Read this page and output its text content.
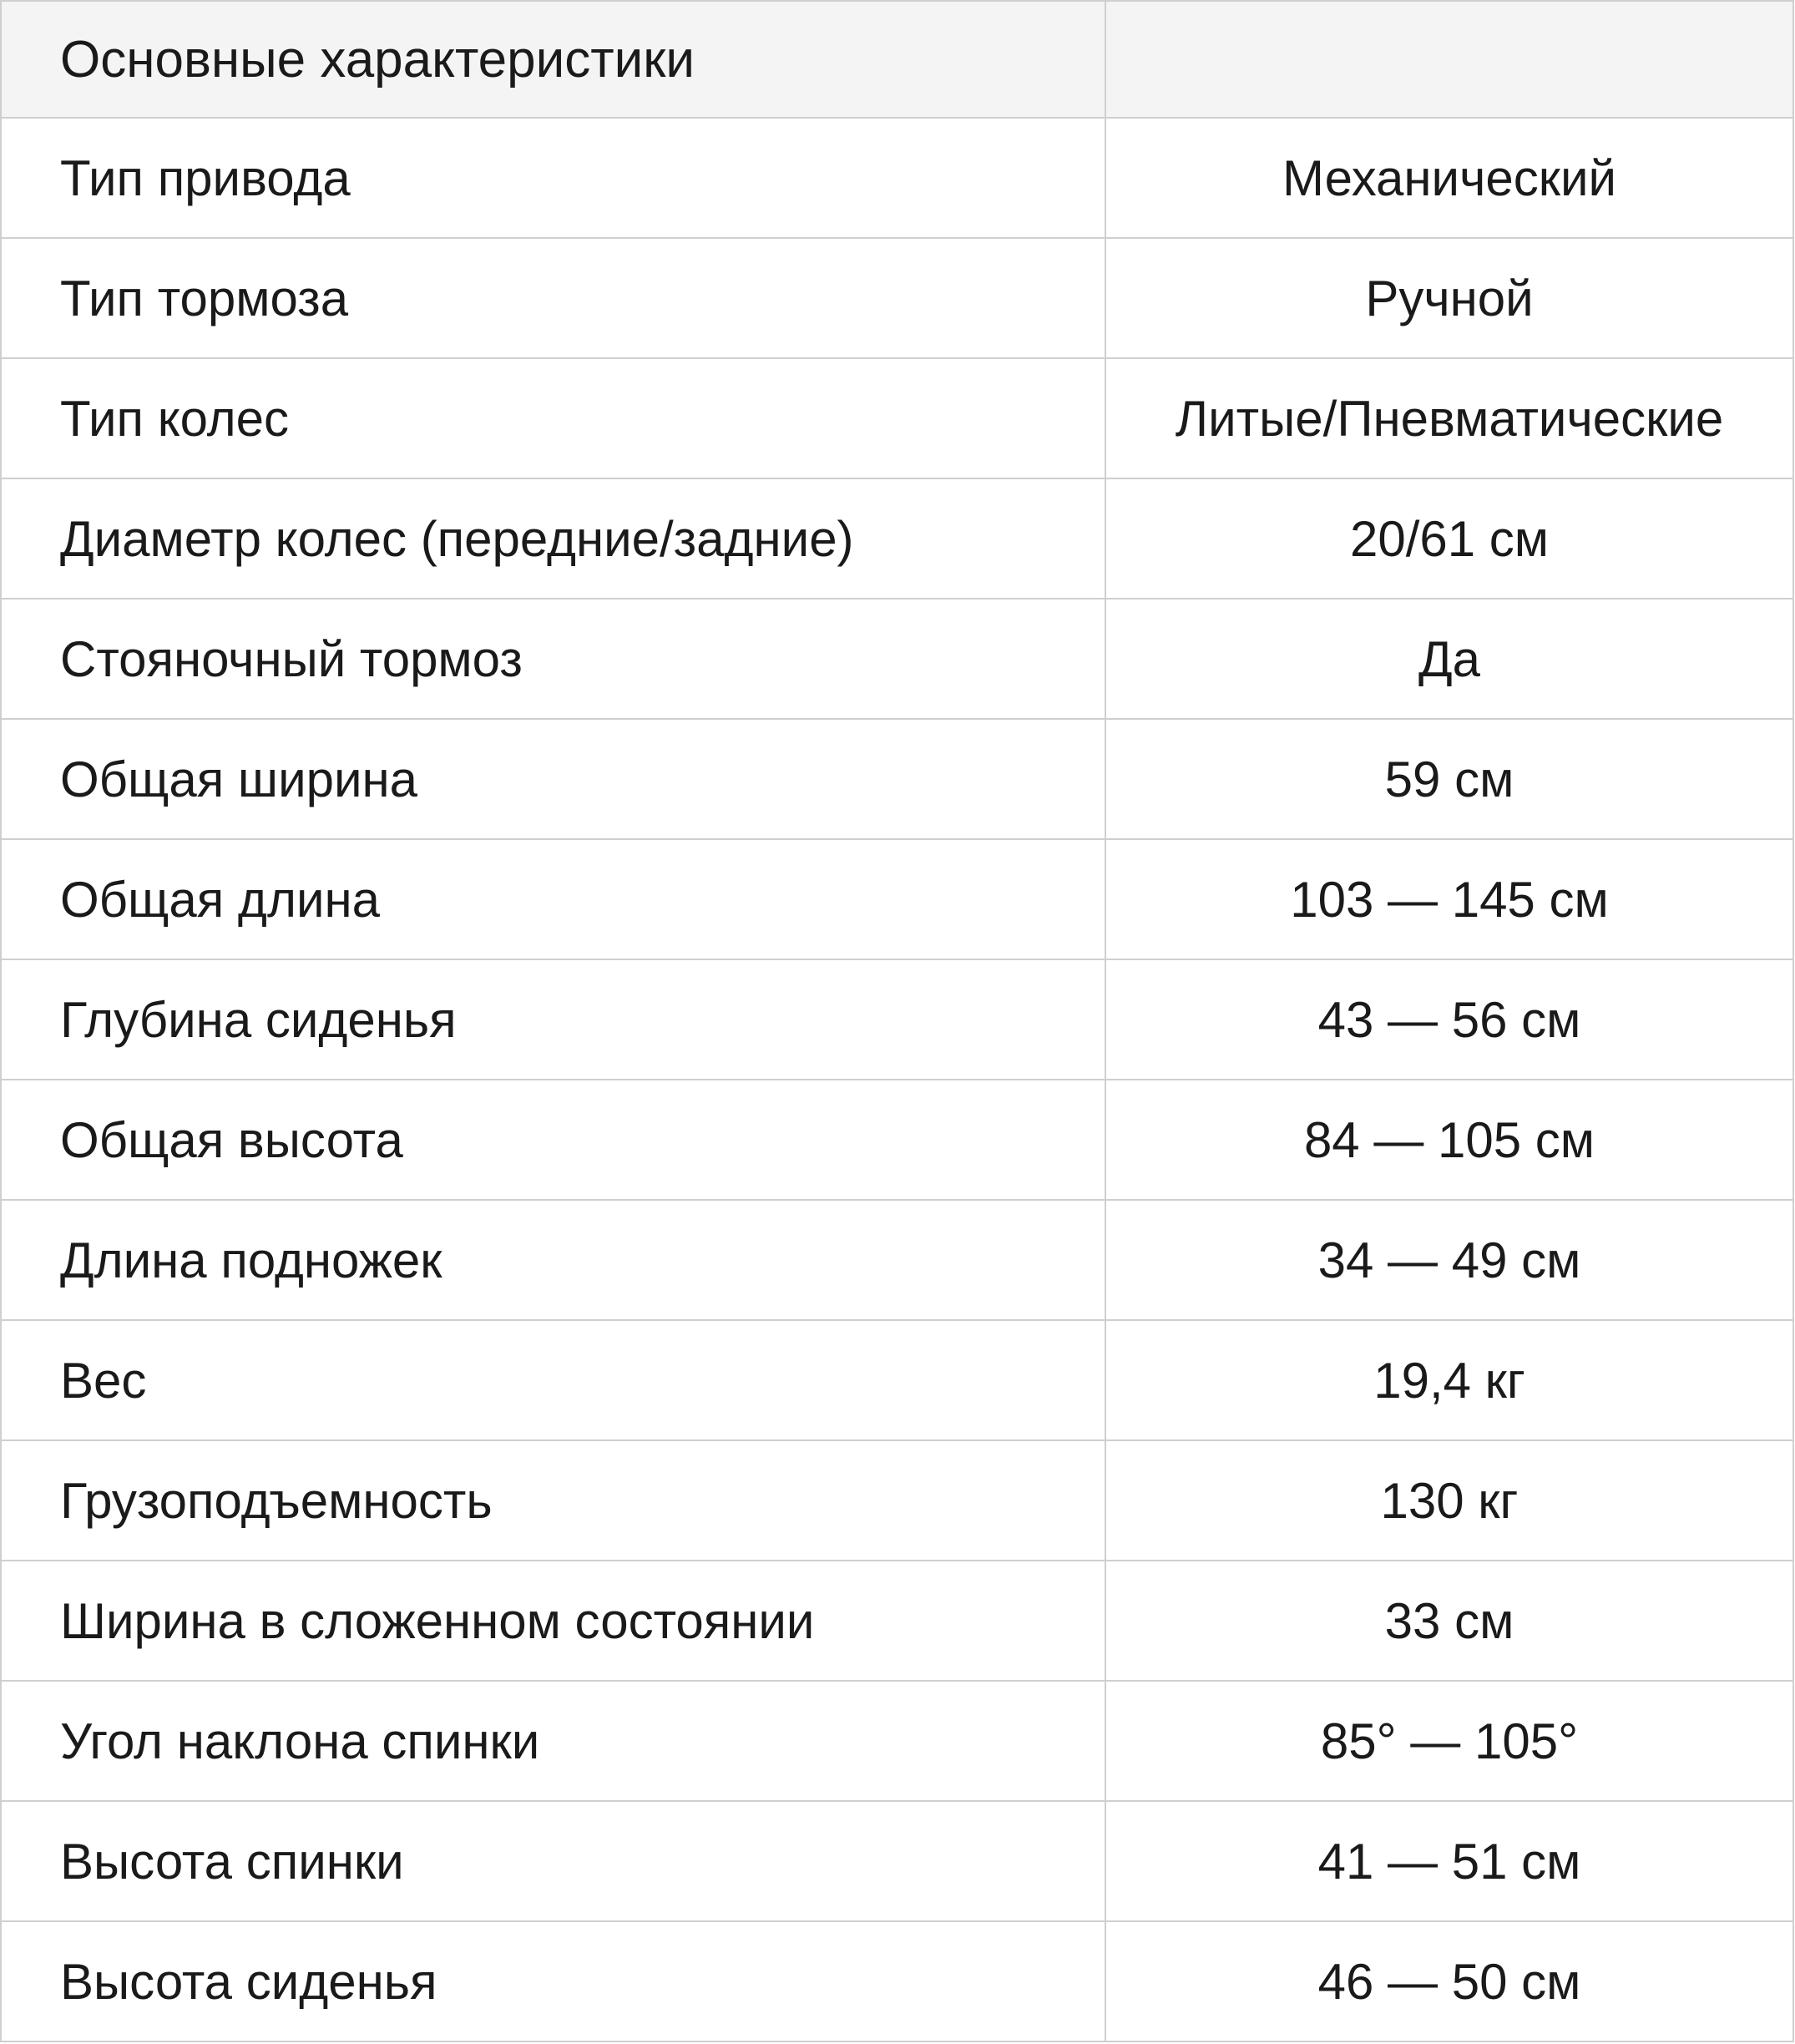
Основные характеристики	
Тип привода	Механический
Тип тормоза	Ручной
Тип колес	Литые/Пневматические
Диаметр колес (передние/задние)	20/61 см
Стояночный тормоз	Да
Общая ширина	59 см
Общая длина	103 — 145 см
Глубина сиденья	43 — 56 см
Общая высота	84 — 105 см
Длина подножек	34 — 49 см
Вес	19,4 кг
Грузоподъемность	130 кг
Ширина в сложенном состоянии	33 см
Угол наклона спинки	85° — 105°
Высота спинки	41 — 51 см
Высота сиденья	46 — 50 см
